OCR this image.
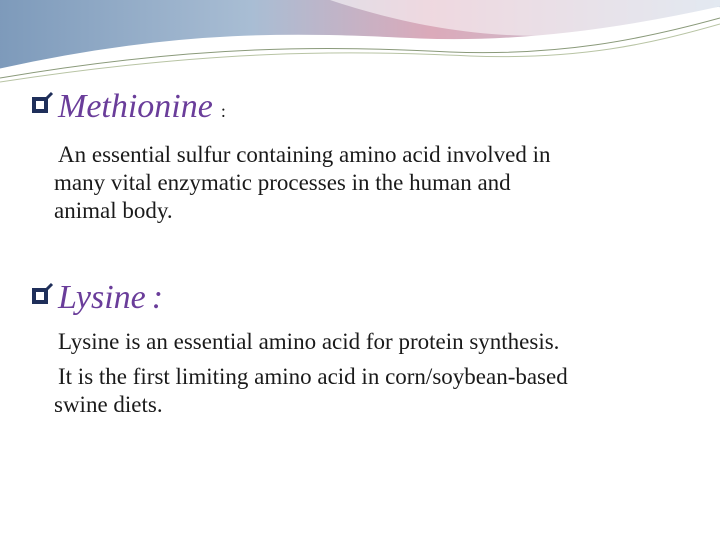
Methionine :
An essential sulfur containing amino acid involved in
many vital enzymatic processes in the human and
animal body.
Lysine :
Lysine is an essential amino acid for protein synthesis.
It is the first limiting amino acid in corn/soybean-based
swine diets.
